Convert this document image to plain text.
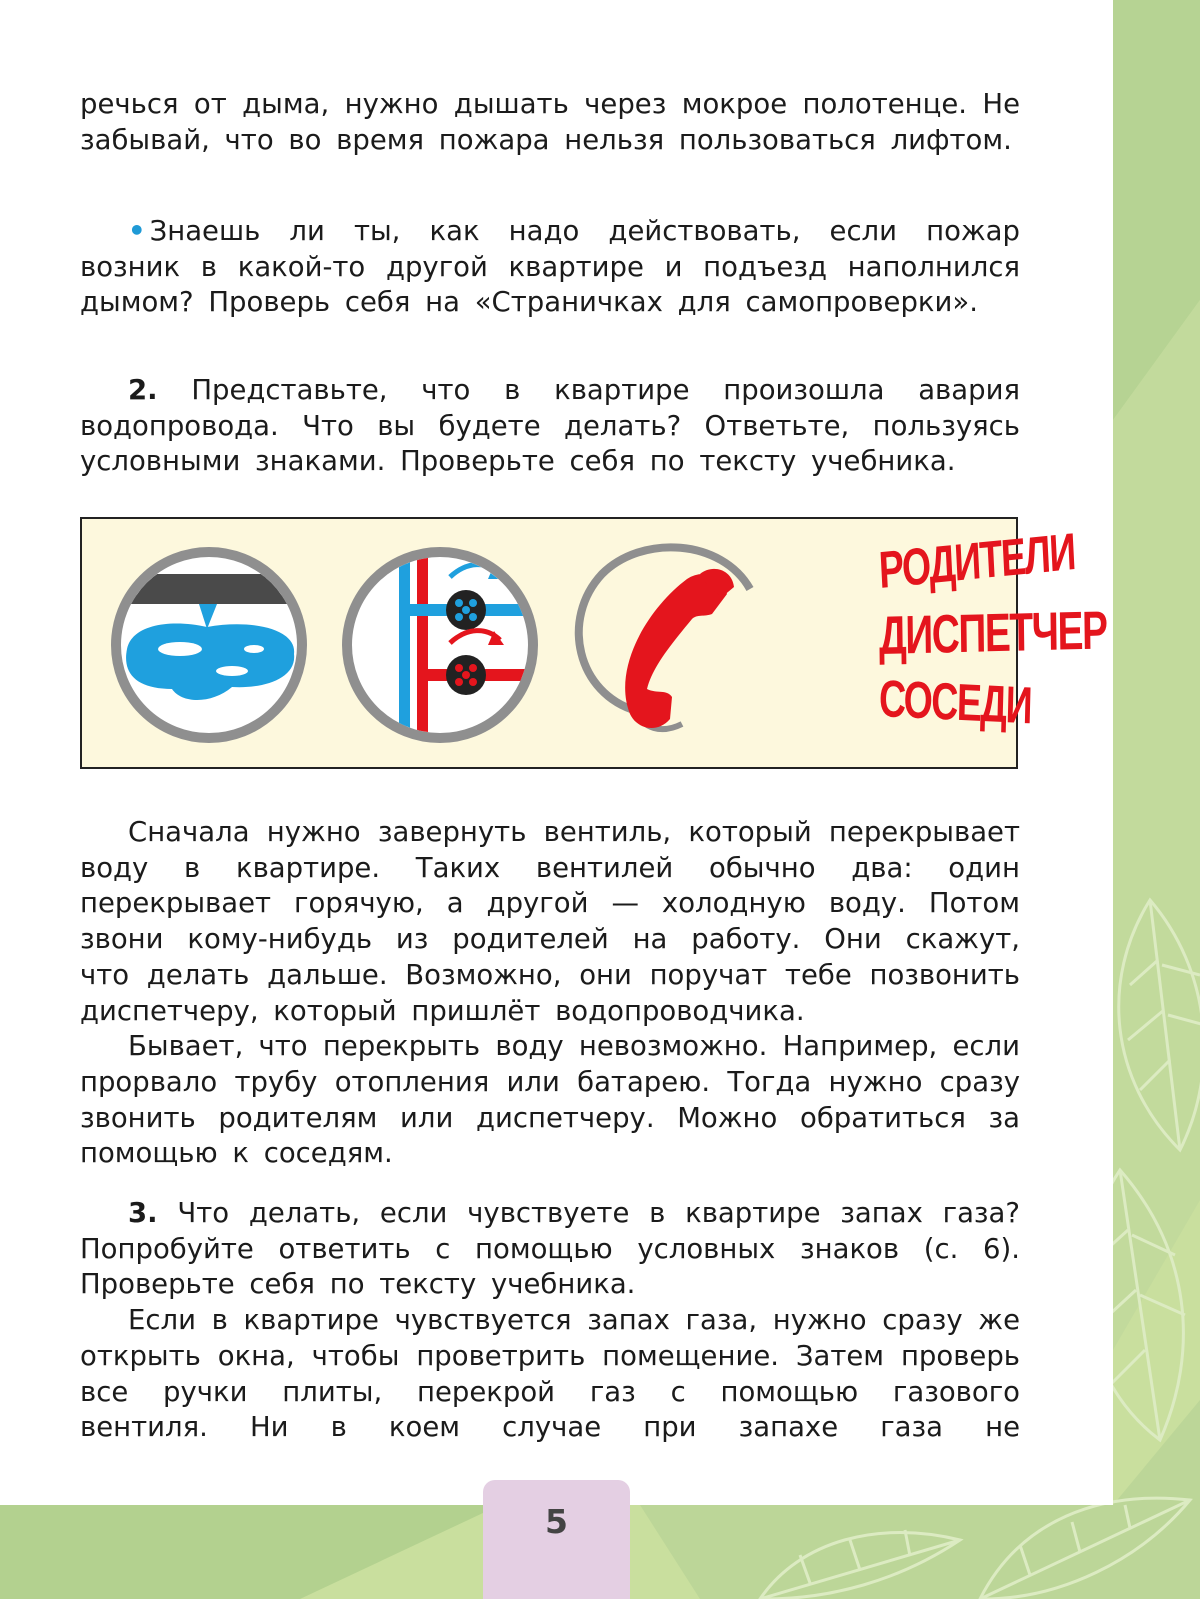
речься от дыма, нужно дышать через мокрое полотенце. Не забывай, что во время пожара нельзя пользоваться лифтом.

• Знаешь ли ты, как надо действовать, если пожар возник в какой-то другой квартире и подъезд наполнился дымом? Проверь себя на «Страничках для самопроверки».

2. Представьте, что в квартире произошла авария водопровода. Что вы будете делать? Ответьте, пользуясь условными знаками. Проверьте себя по тексту учебника.

РОДИТЕЛИ
ДИСПЕТЧЕР
СОСЕДИ

Сначала нужно завернуть вентиль, который перекрывает воду в квартире. Таких вентилей обычно два: один перекрывает горячую, а другой — холодную воду. Потом звони кому-нибудь из родителей на работу. Они скажут, что делать дальше. Возможно, они поручат тебе позвонить диспетчеру, который пришлёт водопроводчика.

Бывает, что перекрыть воду невозможно. Например, если прорвало трубу отопления или батарею. Тогда нужно сразу звонить родителям или диспетчеру. Можно обратиться за помощью к соседям.

3. Что делать, если чувствуете в квартире запах газа? Попробуйте ответить с помощью условных знаков (с. 6). Проверьте себя по тексту учебника.

Если в квартире чувствуется запах газа, нужно сразу же открыть окна, чтобы проветрить помещение. Затем проверь все ручки плиты, перекрой газ с помощью газового вентиля. Ни в коем случае при запахе газа не

5
